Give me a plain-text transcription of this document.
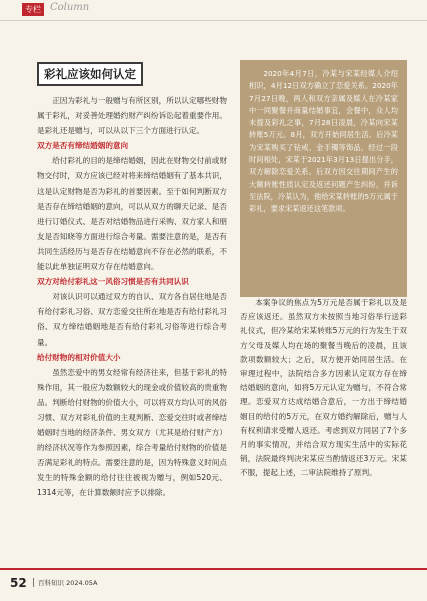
专栏 Column
彩礼应该如何认定

正因为彩礼与一般赠与有所区别，所以认定哪些财物属于彩礼，对妥善处理婚约财产纠纷诉讼起着重要作用。是彩礼还是赠与，可以从以下三个方面进行认定。

双方是否有缔结婚姻的意向

给付彩礼的目的是缔结婚姻，因此在财物交付前或财物交付时，双方应该已经对将来缔结婚姻有了基本共识，这是认定财物是否为彩礼的首要因素。至于如何判断双方是否存在缔结婚姻的意向，可以从双方的聊天记录、是否进行订婚仪式、是否对结婚物品进行采购、双方家人和朋友是否知晓等方面进行综合考量。需要注意的是，是否有共同生活经历与是否存在结婚意向不存在必然的联系，不能以此单独证明双方存在结婚意向。

双方对给付彩礼这一风俗习惯是否有共同认识

对该认识可以通过双方的自认、双方各自居住地是否有给付彩礼习俗、双方恋爱交往所在地是否有给付彩礼习俗、双方缔结婚姻地是否有给付彩礼习俗等进行综合考量。

给付财物的相对价值大小

虽然恋爱中的男女经常有经济往来，但基于彩礼的特殊作用，其一般应为数额较大的现金或价值较高的贵重物品。判断给付财物的价值大小，可以将双方均认可的风俗习惯、双方对彩礼价值的主观判断、恋爱交往时或者缔结婚姻时当地的经济条件、男女双方（尤其是给付财产方）的经济状况等作为参照因素，综合考量给付财物的价值是否满足彩礼的特点。需要注意的是，因为特殊意义时间点发生的特殊金额的给付往往被视为赠与，例如520元、1314元等，在计算数额时应予以排除。

2020年4月7日，冷某与宋某经媒人介绍相识，4月12日双方确立了恋爱关系。2020年7月27日晚，两人和双方亲属及媒人在冷某家中一同聚餐并商量结婚事宜，会餐中，众人均未提及彩礼之事，7月28日凌晨，冷某向宋某转账5万元。8月，双方开始同居生活。后冷某为宋某购买了钻戒、金手镯等饰品，经过一段时间相处，宋某于2021年3月13日提出分手，双方解除恋爱关系。后双方因交往期间产生的大额转账性质认定及返还问题产生纠纷，并诉至法院，冷某认为，他给宋某转账的5万元属于彩礼，要求宋某返还这笔款项。

本案争议的焦点为5万元是否属于彩礼以及是否应该返还。虽然双方未按照当地习俗举行送彩礼仪式，但冷某给宋某转账5万元的行为发生于双方父母及媒人均在场的聚餐当晚后的凌晨，且该款项数额较大；之后，双方便开始同居生活。在审理过程中，法院结合多方因素认定双方存在缔结婚姻的意向，如将5万元认定为赠与，不符合常理。恋爱双方达成结婚合意后，一方出于缔结婚姻目的给付的5万元，在双方婚约解除后，赠与人有权利请求受赠人返还。考虑到双方同居了7个多月的事实情况，并结合双方现实生活中的实际花销，法院最终判决宋某应当酌情返还3万元。宋某不服，提起上述，二审法院维持了原判。

52 百科知识 2024.05A
